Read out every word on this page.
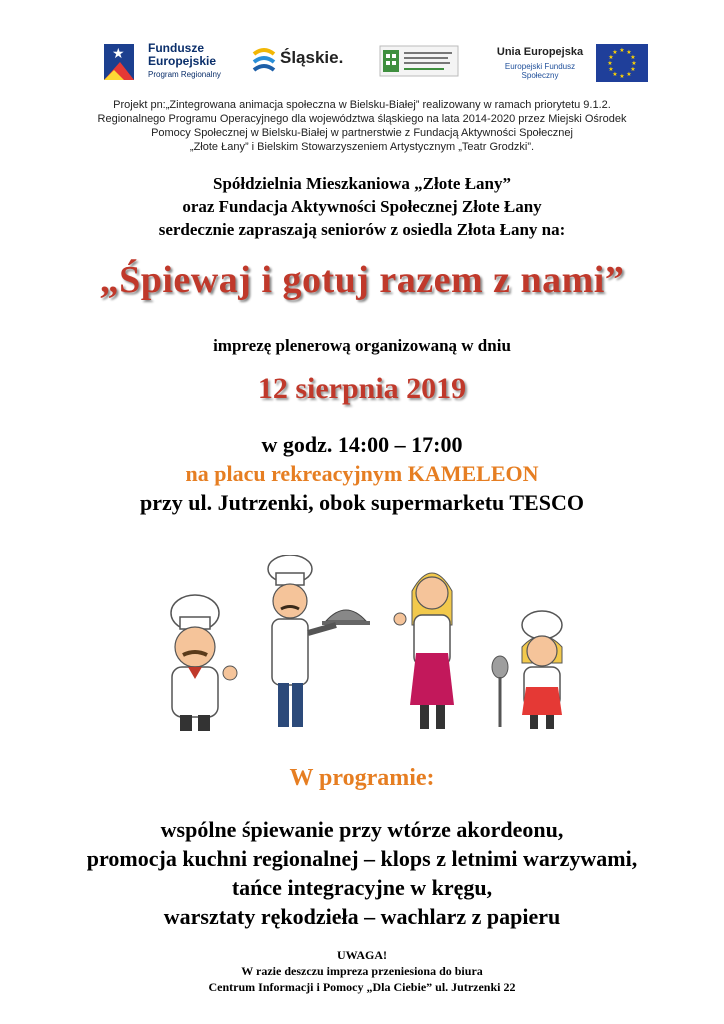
★ Fundusze
Europejskie
Program Regionalny
Śląskie.	Unia Europejska
Europejski Fundusz Społeczny
★ ★
★
★
★
★
★
★
★
★
★
★
Projekt pn:„Zintegrowana animacja społeczna w Bielsku-Białej” realizowany w ramach priorytetu 9.1.2.
Regionalnego Programu Operacyjnego dla województwa śląskiego na lata 2014-2020 przez Miejski Ośrodek
Pomocy Społecznej w Bielsku-Białej w partnerstwie z Fundacją Aktywności Społecznej
„Złote Łany” i Bielskim Stowarzyszeniem Artystycznym „Teatr Grodzki”.
Spółdzielnia Mieszkaniowa „Złote Łany”
oraz Fundacja Aktywności Społecznej Złote Łany
serdecznie zapraszają seniorów z osiedla Złota Łany na:
„Śpiewaj i gotuj razem z nami”
imprezę plenerową organizowaną w dniu
12 sierpnia 2019
w godz. 14:00 – 17:00
na placu rekreacyjnym KAMELEON
przy ul. Jutrzenki, obok supermarketu TESCO
W programie:
wspólne śpiewanie przy wtórze akordeonu,
promocja kuchni regionalnej – klops z letnimi warzywami,
tańce integracyjne w kręgu,
warsztaty rękodzieła – wachlarz z papieru
UWAGA!
W razie deszczu impreza przeniesiona do biura
Centrum Informacji i Pomocy „Dla Ciebie” ul. Jutrzenki 22
